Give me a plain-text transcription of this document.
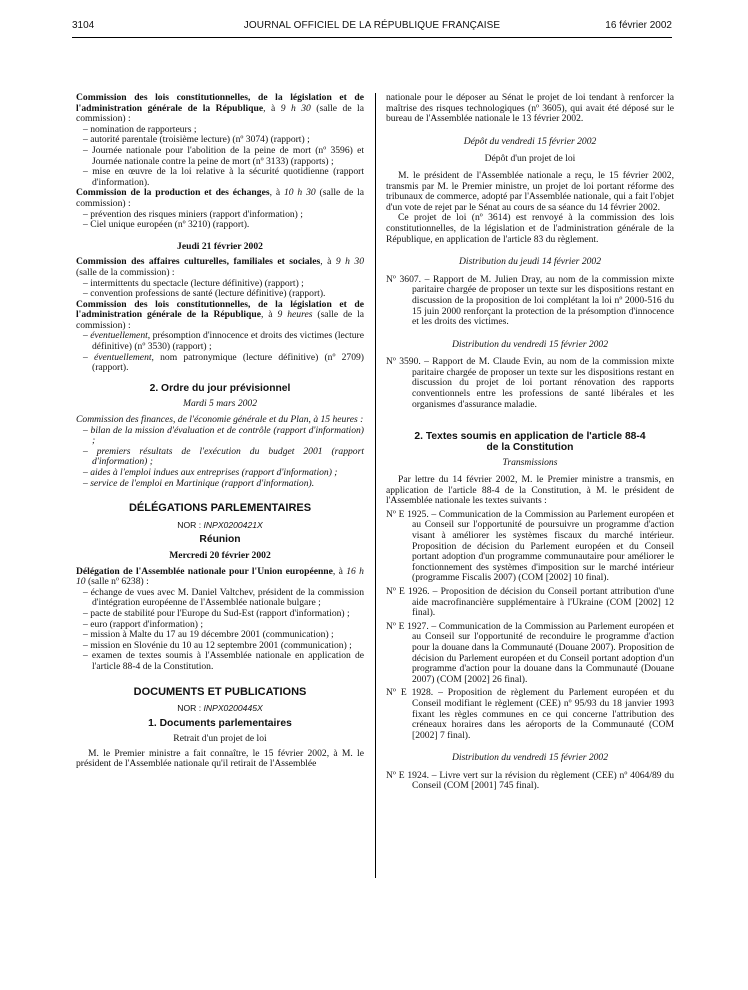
3104	JOURNAL OFFICIEL DE LA RÉPUBLIQUE FRANÇAISE	16 février 2002

Commission des lois constitutionnelles, de la législation et de l'administration générale de la République, à 9 h 30 (salle de la commission) :

– nomination de rapporteurs ;

– autorité parentale (troisième lecture) (nº 3074) (rapport) ;

– Journée nationale pour l'abolition de la peine de mort (nº 3596) et Journée nationale contre la peine de mort (nº 3133) (rapports) ;

– mise en œuvre de la loi relative à la sécurité quotidienne (rapport d'information).

Commission de la production et des échanges, à 10 h 30 (salle de la commission) :

– prévention des risques miniers (rapport d'information) ;

– Ciel unique européen (nº 3210) (rapport).

Jeudi 21 février 2002

Commission des affaires culturelles, familiales et sociales, à 9 h 30 (salle de la commission) :

– intermittents du spectacle (lecture définitive) (rapport) ;

– convention professions de santé (lecture définitive) (rapport).

Commission des lois constitutionnelles, de la législation et de l'administration générale de la République, à 9 heures (salle de la commission) :

– éventuellement, présomption d'innocence et droits des victimes (lecture définitive) (nº 3530) (rapport) ;

– éventuellement, nom patronymique (lecture définitive) (nº 2709) (rapport).

2. Ordre du jour prévisionnel

Mardi 5 mars 2002

Commission des finances, de l'économie générale et du Plan, à 15 heures :

– bilan de la mission d'évaluation et de contrôle (rapport d'information) ;

– premiers résultats de l'exécution du budget 2001 (rapport d'information) ;

– aides à l'emploi indues aux entreprises (rapport d'information) ;

– service de l'emploi en Martinique (rapport d'information).

DÉLÉGATIONS PARLEMENTAIRES

NOR : INPX0200421X

Réunion

Mercredi 20 février 2002

Délégation de l'Assemblée nationale pour l'Union européenne, à 16 h 10 (salle nº 6238) :

– échange de vues avec M. Daniel Valtchev, président de la commission d'intégration européenne de l'Assemblée nationale bulgare ;

– pacte de stabilité pour l'Europe du Sud-Est (rapport d'information) ;

– euro (rapport d'information) ;

– mission à Malte du 17 au 19 décembre 2001 (communication) ;

– mission en Slovénie du 10 au 12 septembre 2001 (communication) ;

– examen de textes soumis à l'Assemblée nationale en application de l'article 88-4 de la Constitution.

DOCUMENTS ET PUBLICATIONS

NOR : INPX0200445X

1. Documents parlementaires

Retrait d'un projet de loi

M. le Premier ministre a fait connaître, le 15 février 2002, à M. le président de l'Assemblée nationale qu'il retirait de l'Assemblée

nationale pour le déposer au Sénat le projet de loi tendant à renforcer la maîtrise des risques technologiques (nº 3605), qui avait été déposé sur le bureau de l'Assemblée nationale le 13 février 2002.

Dépôt du vendredi 15 février 2002

Dépôt d'un projet de loi

M. le président de l'Assemblée nationale a reçu, le 15 février 2002, transmis par M. le Premier ministre, un projet de loi portant réforme des tribunaux de commerce, adopté par l'Assemblée nationale, qui a fait l'objet d'un vote de rejet par le Sénat au cours de sa séance du 14 février 2002.

Ce projet de loi (nº 3614) est renvoyé à la commission des lois constitutionnelles, de la législation et de l'administration générale de la République, en application de l'article 83 du règlement.

Distribution du jeudi 14 février 2002

Nº 3607. – Rapport de M. Julien Dray, au nom de la commission mixte paritaire chargée de proposer un texte sur les dispositions restant en discussion de la proposition de loi complétant la loi nº 2000-516 du 15 juin 2000 renforçant la protection de la présomption d'innocence et les droits des victimes.

Distribution du vendredi 15 février 2002

Nº 3590. – Rapport de M. Claude Evin, au nom de la commission mixte paritaire chargée de proposer un texte sur les dispositions restant en discussion du projet de loi portant rénovation des rapports conventionnels entre les professions de santé libérales et les organismes d'assurance maladie.

2. Textes soumis en application de l'article 88-4

de la Constitution

Transmissions

Par lettre du 14 février 2002, M. le Premier ministre a transmis, en application de l'article 88-4 de la Constitution, à M. le président de l'Assemblée nationale les textes suivants :

Nº E 1925. – Communication de la Commission au Parlement européen et au Conseil sur l'opportunité de poursuivre un programme d'action visant à améliorer les systèmes fiscaux du marché intérieur. Proposition de décision du Parlement européen et du Conseil portant adoption d'un programme communautaire pour améliorer le fonctionnement des systèmes d'imposition sur le marché intérieur (programme Fiscalis 2007) (COM [2002] 10 final).

Nº E 1926. – Proposition de décision du Conseil portant attribution d'une aide macrofinancière supplémentaire à l'Ukraine (COM [2002] 12 final).

Nº E 1927. – Communication de la Commission au Parlement européen et au Conseil sur l'opportunité de reconduire le programme d'action pour la douane dans la Communauté (Douane 2007). Proposition de décision du Parlement européen et du Conseil portant adoption d'un programme d'action pour la douane dans la Communauté (Douane 2007) (COM [2002] 26 final).

Nº E 1928. – Proposition de règlement du Parlement européen et du Conseil modifiant le règlement (CEE) nº 95/93 du 18 janvier 1993 fixant les règles communes en ce qui concerne l'attribution des créneaux horaires dans les aéroports de la Communauté (COM [2002] 7 final).

Distribution du vendredi 15 février 2002

Nº E 1924. – Livre vert sur la révision du règlement (CEE) nº 4064/89 du Conseil (COM [2001] 745 final).
